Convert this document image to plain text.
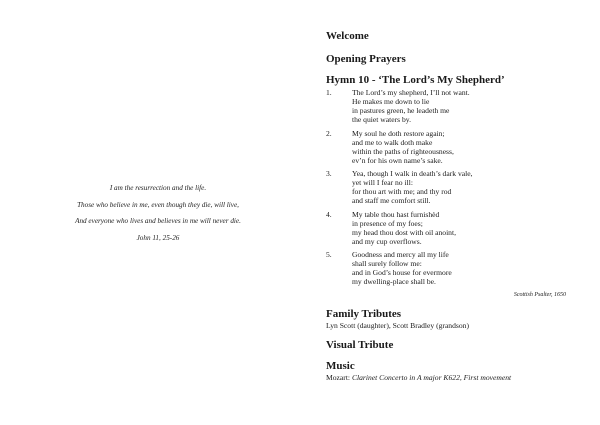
I am the resurrection and the life.

Those who believe in me, even though they die, will live,

And everyone who lives and believes in me will never die.

John 11, 25-26

Welcome

Opening Prayers

Hymn 10 - ‘The Lord’s My Shepherd’

1.	The Lord’s my shepherd, I’ll not want.
He makes me down to lie
in pastures green, he leadeth me
the quiet waters by.
2.	My soul he doth restore again;
and me to walk doth make
within the paths of righteousness,
ev’n for his own name’s sake.
3.	Yea, though I walk in death’s dark vale,
yet will I fear no ill:
for thou art with me; and thy rod
and staff me comfort still.
4.	My table thou hast furnishèd
in presence of my foes;
my head thou dost with oil anoint,
and my cup overflows.
5.	Goodness and mercy all my life
shall surely follow me:
and in God’s house for evermore
my dwelling-place shall be.

Scottish Psalter, 1650

Family Tributes

Lyn Scott (daughter), Scott Bradley (grandson)

Visual Tribute

Music

Mozart: Clarinet Concerto in A major K622, First movement
